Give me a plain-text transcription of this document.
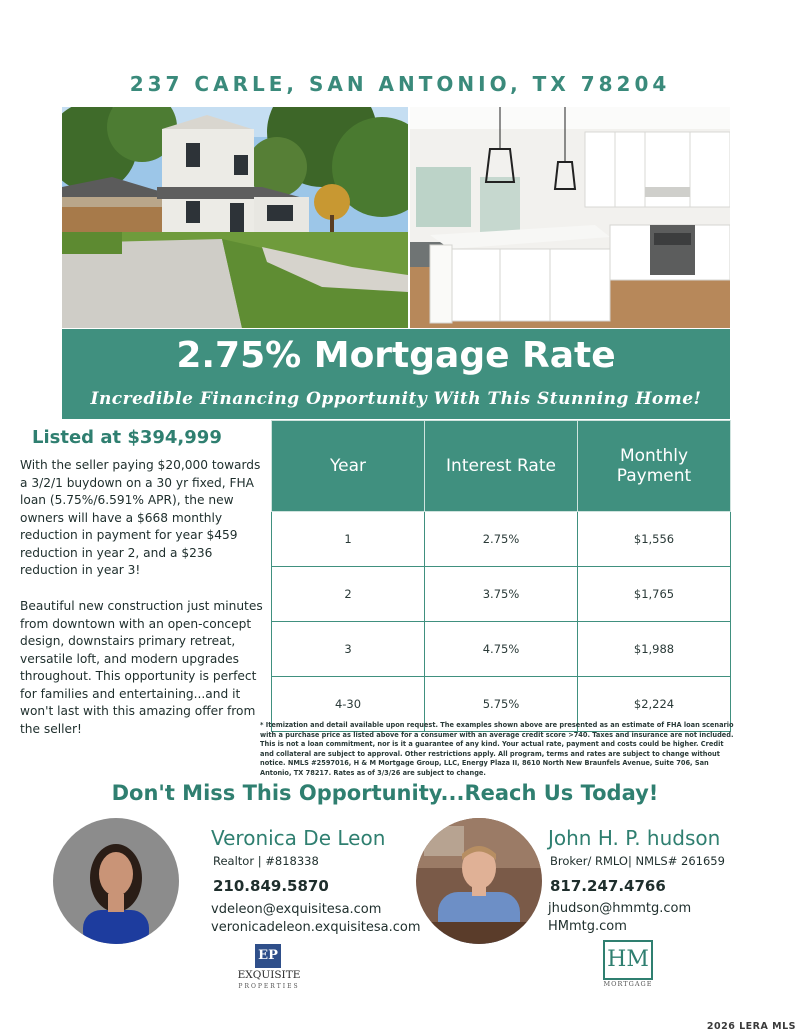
237 CARLE, SAN ANTONIO, TX 78204
2.75% Mortgage Rate
Incredible Financing Opportunity With This Stunning Home!
Listed at $394,999
With the seller paying $20,000 towards a 3/2/1 buydown on a 30 yr fixed, FHA loan (5.75%/6.591% APR), the new owners will have a $668 monthly reduction in payment for year $459 reduction in year 2, and a $236 reduction in year 3!
Beautiful new construction just minutes from downtown with an open-concept design, downstairs primary retreat, versatile loft, and modern upgrades throughout. This opportunity is perfect for families and entertaining...and it won't last with this amazing offer from the seller!
Year	Interest Rate	Monthly Payment
1	2.75%	$1,556
2	3.75%	$1,765
3	4.75%	$1,988
4-30	5.75%	$2,224
* Itemization and detail available upon request. The examples shown above are presented as an estimate of FHA loan scenario with a purchase price as listed above for a consumer with an average credit score >740. Taxes and insurance are not included. This is not a loan commitment, nor is it a guarantee of any kind. Your actual rate, payment and costs could be higher. Credit and collateral are subject to approval. Other restrictions apply. All program, terms and rates are subject to change without notice. NMLS #2597016, H & M Mortgage Group, LLC, Energy Plaza II, 8610 North New Braunfels Avenue, Suite 706, San Antonio, TX 78217. Rates as of 3/3/26 are subject to change.
Don't Miss This Opportunity...Reach Us Today!
Veronica De Leon
Realtor | #818338
210.849.5870
vdeleon@exquisitesa.com
veronicadeleon.exquisitesa.com
EP
EXQUISITE
PROPERTIES
John H. P. hudson
Broker/ RMLO| NMLS# 261659
817.247.4766
jhudson@hmmtg.com
HMmtg.com
HM
MORTGAGE
2026 LERA MLS
